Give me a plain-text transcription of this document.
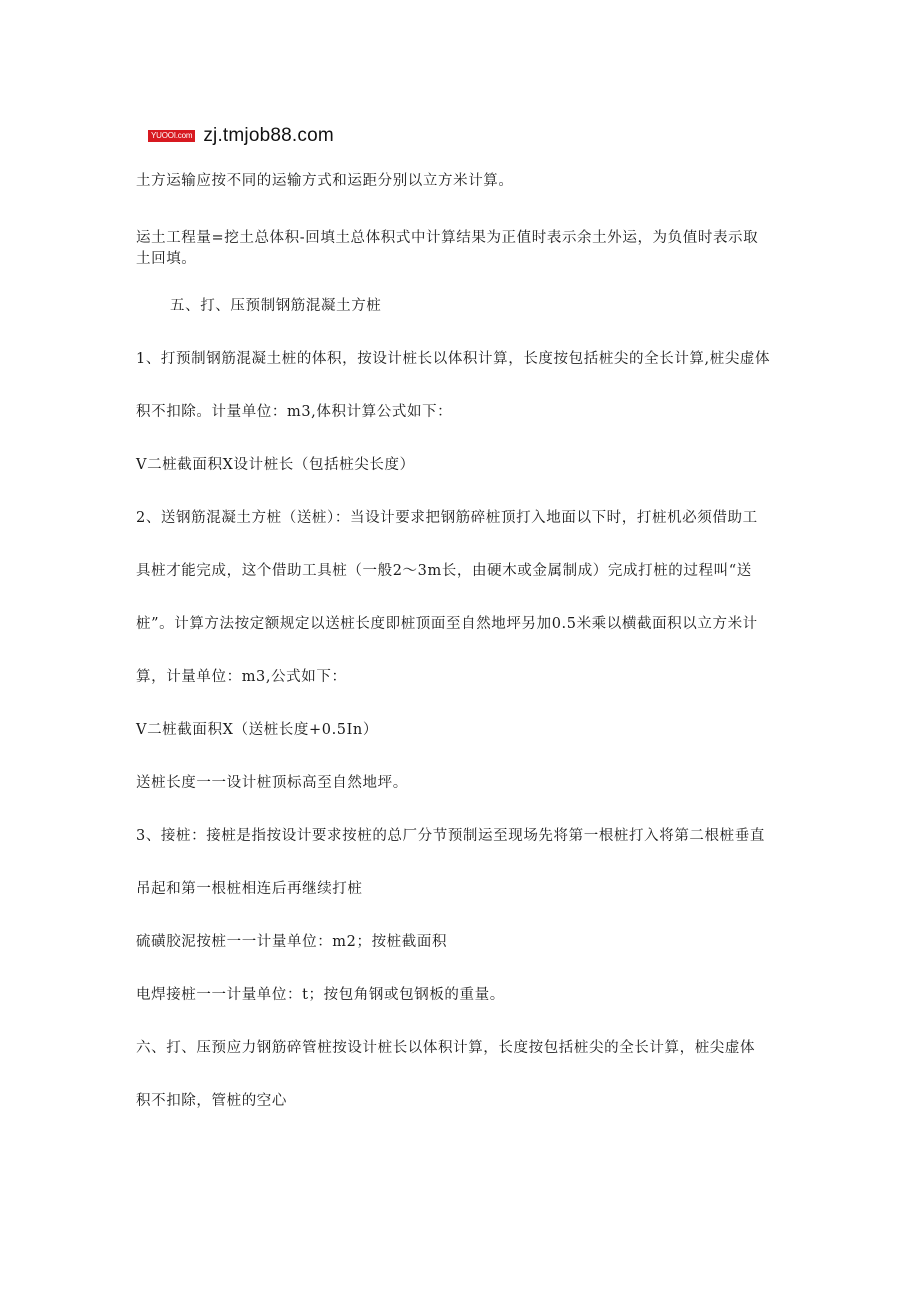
YUOOI.com zj.tmjob88.com
土方运输应按不同的运输方式和运距分别以立方米计算。
运土工程量=挖土总体积-回填土总体积式中计算结果为正值时表示余土外运，为负值时表示取
土回填。
五、打、压预制钢筋混凝土方桩
1、打预制钢筋混凝土桩的体积，按设计桩长以体积计算，长度按包括桩尖的全长计算,桩尖虚体
积不扣除。计量单位：m3,体积计算公式如下：
V二桩截面积X设计桩长（包括桩尖长度）
2、送钢筋混凝土方桩（送桩）：当设计要求把钢筋碎桩顶打入地面以下时，打桩机必须借助工
具桩才能完成，这个借助工具桩（一般2～3m长，由硬木或金属制成）完成打桩的过程叫“送
桩”。计算方法按定额规定以送桩长度即桩顶面至自然地坪另加0.5米乘以横截面积以立方米计
算，计量单位：m3,公式如下：
V二桩截面积X（送桩长度+0.5In）
送桩长度一一设计桩顶标高至自然地坪。
3、接桩：接桩是指按设计要求按桩的总厂分节预制运至现场先将第一根桩打入将第二根桩垂直
吊起和第一根桩相连后再继续打桩
硫磺胶泥按桩一一计量单位：m2；按桩截面积
电焊接桩一一计量单位：t；按包角钢或包钢板的重量。
六、打、压预应力钢筋碎管桩按设计桩长以体积计算，长度按包括桩尖的全长计算，桩尖虚体
积不扣除，管桩的空心
